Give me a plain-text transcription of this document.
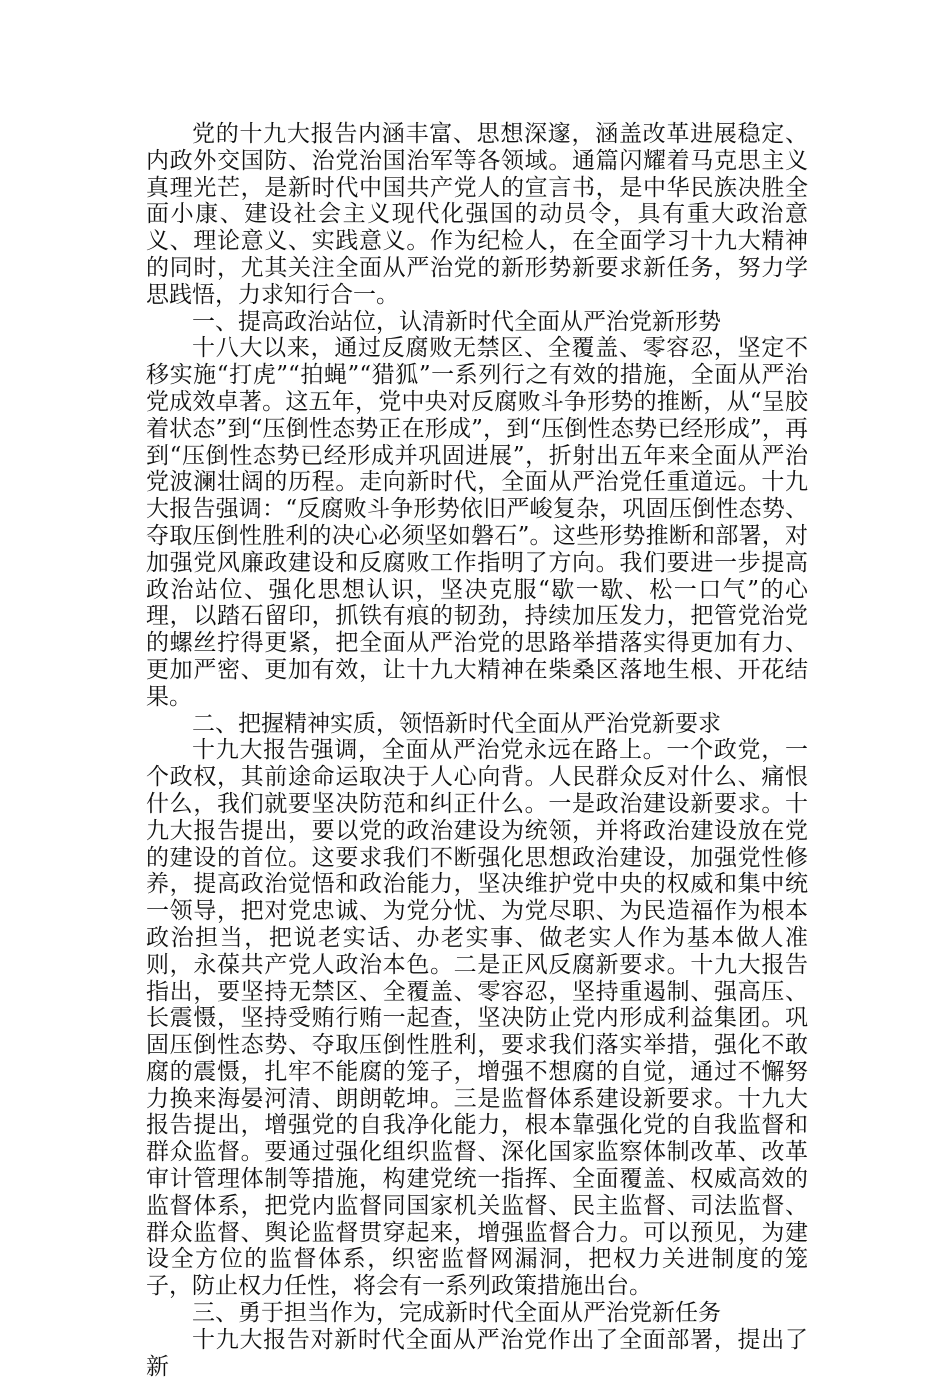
党的十九大报告内涵丰富、思想深邃，涵盖改革进展稳定、内政外交国防、治党治国治军等各领域。通篇闪耀着马克思主义真理光芒，是新时代中国共产党人的宣言书，是中华民族决胜全面小康、建设社会主义现代化强国的动员令，具有重大政治意义、理论意义、实践意义。作为纪检人，在全面学习十九大精神的同时，尤其关注全面从严治党的新形势新要求新任务，努力学思践悟，力求知行合一。

一、提高政治站位，认清新时代全面从严治党新形势

十八大以来，通过反腐败无禁区、全覆盖、零容忍，坚定不移实施“打虎”“拍蝇”“猎狐”一系列行之有效的措施，全面从严治党成效卓著。这五年，党中央对反腐败斗争形势的推断，从“呈胶着状态”到“压倒性态势正在形成”，到“压倒性态势已经形成”，再到“压倒性态势已经形成并巩固进展”，折射出五年来全面从严治党波澜壮阔的历程。走向新时代，全面从严治党任重道远。十九大报告强调：“反腐败斗争形势依旧严峻复杂，巩固压倒性态势、夺取压倒性胜利的决心必须坚如磐石”。这些形势推断和部署，对加强党风廉政建设和反腐败工作指明了方向。我们要进一步提高政治站位、强化思想认识，坚决克服“歇一歇、松一口气”的心理，以踏石留印，抓铁有痕的韧劲，持续加压发力，把管党治党的螺丝拧得更紧，把全面从严治党的思路举措落实得更加有力、更加严密、更加有效，让十九大精神在柴桑区落地生根、开花结果。

二、把握精神实质，领悟新时代全面从严治党新要求

十九大报告强调，全面从严治党永远在路上。一个政党，一个政权，其前途命运取决于人心向背。人民群众反对什么、痛恨什么，我们就要坚决防范和纠正什么。一是政治建设新要求。十九大报告提出，要以党的政治建设为统领，并将政治建设放在党的建设的首位。这要求我们不断强化思想政治建设，加强党性修养，提高政治觉悟和政治能力，坚决维护党中央的权威和集中统一领导，把对党忠诚、为党分忧、为党尽职、为民造福作为根本政治担当，把说老实话、办老实事、做老实人作为基本做人准则，永葆共产党人政治本色。二是正风反腐新要求。十九大报告指出，要坚持无禁区、全覆盖、零容忍，坚持重遏制、强高压、长震慑，坚持受贿行贿一起查，坚决防止党内形成利益集团。巩固压倒性态势、夺取压倒性胜利，要求我们落实举措，强化不敢腐的震慑，扎牢不能腐的笼子，增强不想腐的自觉，通过不懈努力换来海晏河清、朗朗乾坤。三是监督体系建设新要求。十九大报告提出，增强党的自我净化能力，根本靠强化党的自我监督和群众监督。要通过强化组织监督、深化国家监察体制改革、改革审计管理体制等措施，构建党统一指挥、全面覆盖、权威高效的监督体系，把党内监督同国家机关监督、民主监督、司法监督、群众监督、舆论监督贯穿起来，增强监督合力。可以预见，为建设全方位的监督体系，织密监督网漏洞，把权力关进制度的笼子，防止权力任性，将会有一系列政策措施出台。

三、勇于担当作为，完成新时代全面从严治党新任务

十九大报告对新时代全面从严治党作出了全面部署，提出了新
